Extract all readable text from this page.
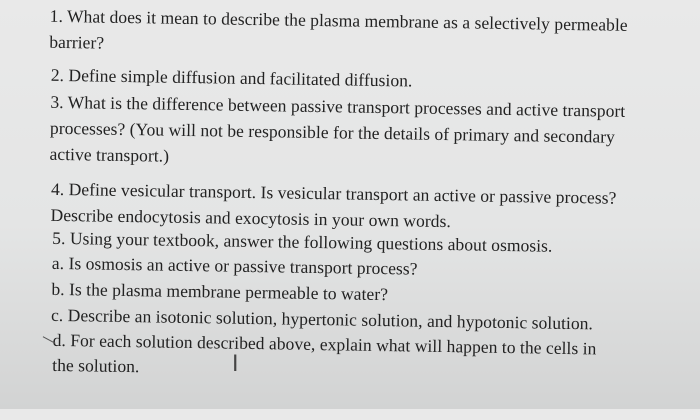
1. What does it mean to describe the plasma membrane as a selectively permeable
barrier?
2. Define simple diffusion and facilitated diffusion.
3. What is the difference between passive transport processes and active transport
processes? (You will not be responsible for the details of primary and secondary
active transport.)
4. Define vesicular transport. Is vesicular transport an active or passive process?
Describe endocytosis and exocytosis in your own words.
5. Using your textbook, answer the following questions about osmosis.
a. Is osmosis an active or passive transport process?
b. Is the plasma membrane permeable to water?
c. Describe an isotonic solution, hypertonic solution, and hypotonic solution.
d. For each solution described above, explain what will happen to the cells in
the solution.	I
